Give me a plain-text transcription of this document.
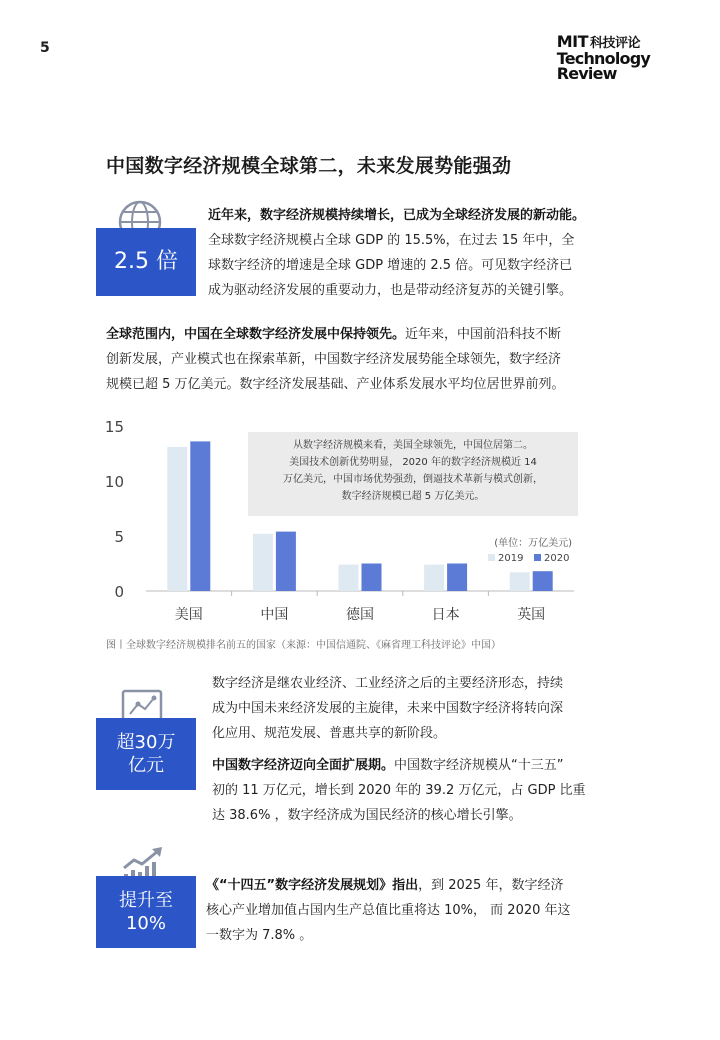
5	MIT 科技评论
Technology
Review
中国数字经济规模全球第二，未来发展势能强劲
2.5 倍
近年来，数字经济规模持续增长，已成为全球经济发展的新动能。
全球数字经济规模占全球 GDP 的 15.5%，在过去 15 年中，全
球数字经济的增速是全球 GDP 增速的 2.5 倍。可见数字经济已
成为驱动经济发展的重要动力，也是带动经济复苏的关键引擎。
全球范围内，中国在全球数字经济发展中保持领先。近年来，中国前沿科技不断
创新发展，产业模式也在探索革新，中国数字经济发展势能全球领先，数字经济
规模已超 5 万亿美元。数字经济发展基础、产业体系发展水平均位居世界前列。
0
5
10
15
美国	中国	德国	日本	英国
(单位：万亿美元)
2019 2020
从数字经济规模来看，美国全球领先，中国位居第二。
美国技术创新优势明显， 2020 年的数字经济规模近 14
万亿美元，中国市场优势强劲，倒逼技术革新与模式创新，
数字经济规模已超 5 万亿美元。
图丨全球数字经济规模排名前五的国家（来源：中国信通院、《麻省理工科技评论》中国）
超30万
亿元
数字经济是继农业经济、工业经济之后的主要经济形态，持续
成为中国未来经济发展的主旋律，未来中国数字经济将转向深
化应用、规范发展、普惠共享的新阶段。
中国数字经济迈向全面扩展期。中国数字经济规模从“十三五”
初的 11 万亿元，增长到 2020 年的 39.2 万亿元，占 GDP 比重
达 38.6% ，数字经济成为国民经济的核心增长引擎。
提升至
10%
《“十四五”数字经济发展规划》指出，到 2025 年，数字经济
核心产业增加值占国内生产总值比重将达 10%， 而 2020 年这
一数字为 7.8% 。
